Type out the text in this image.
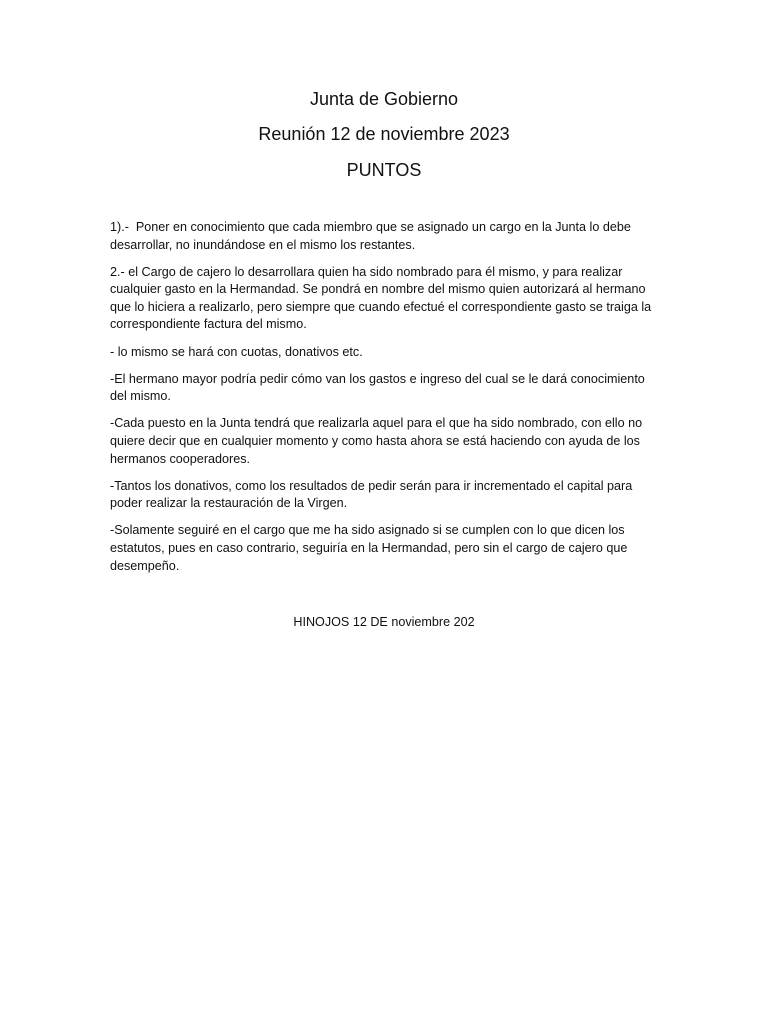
Junta de Gobierno
Reunión 12 de noviembre 2023
PUNTOS

1).-  Poner en conocimiento que cada miembro que se asignado un cargo en la Junta lo debe desarrollar, no inundándose en el mismo los restantes.

2.- el Cargo de cajero lo desarrollara quien ha sido nombrado para él mismo, y para realizar cualquier gasto en la Hermandad. Se pondrá en nombre del mismo quien autorizará al hermano que lo hiciera a realizarlo, pero siempre que cuando efectué el correspondiente gasto se traiga la correspondiente factura del mismo.

- lo mismo se hará con cuotas, donativos etc.

-El hermano mayor podría pedir cómo van los gastos e ingreso del cual se le dará conocimiento del mismo.

-Cada puesto en la Junta tendrá que realizarla aquel para el que ha sido nombrado, con ello no quiere decir que en cualquier momento y como hasta ahora se está haciendo con ayuda de los hermanos cooperadores.

-Tantos los donativos, como los resultados de pedir serán para ir incrementado el capital para poder realizar la restauración de la Virgen.

-Solamente seguiré en el cargo que me ha sido asignado si se cumplen con lo que dicen los estatutos, pues en caso contrario, seguiría en la Hermandad, pero sin el cargo de cajero que desempeño.

HINOJOS 12 DE noviembre 202
